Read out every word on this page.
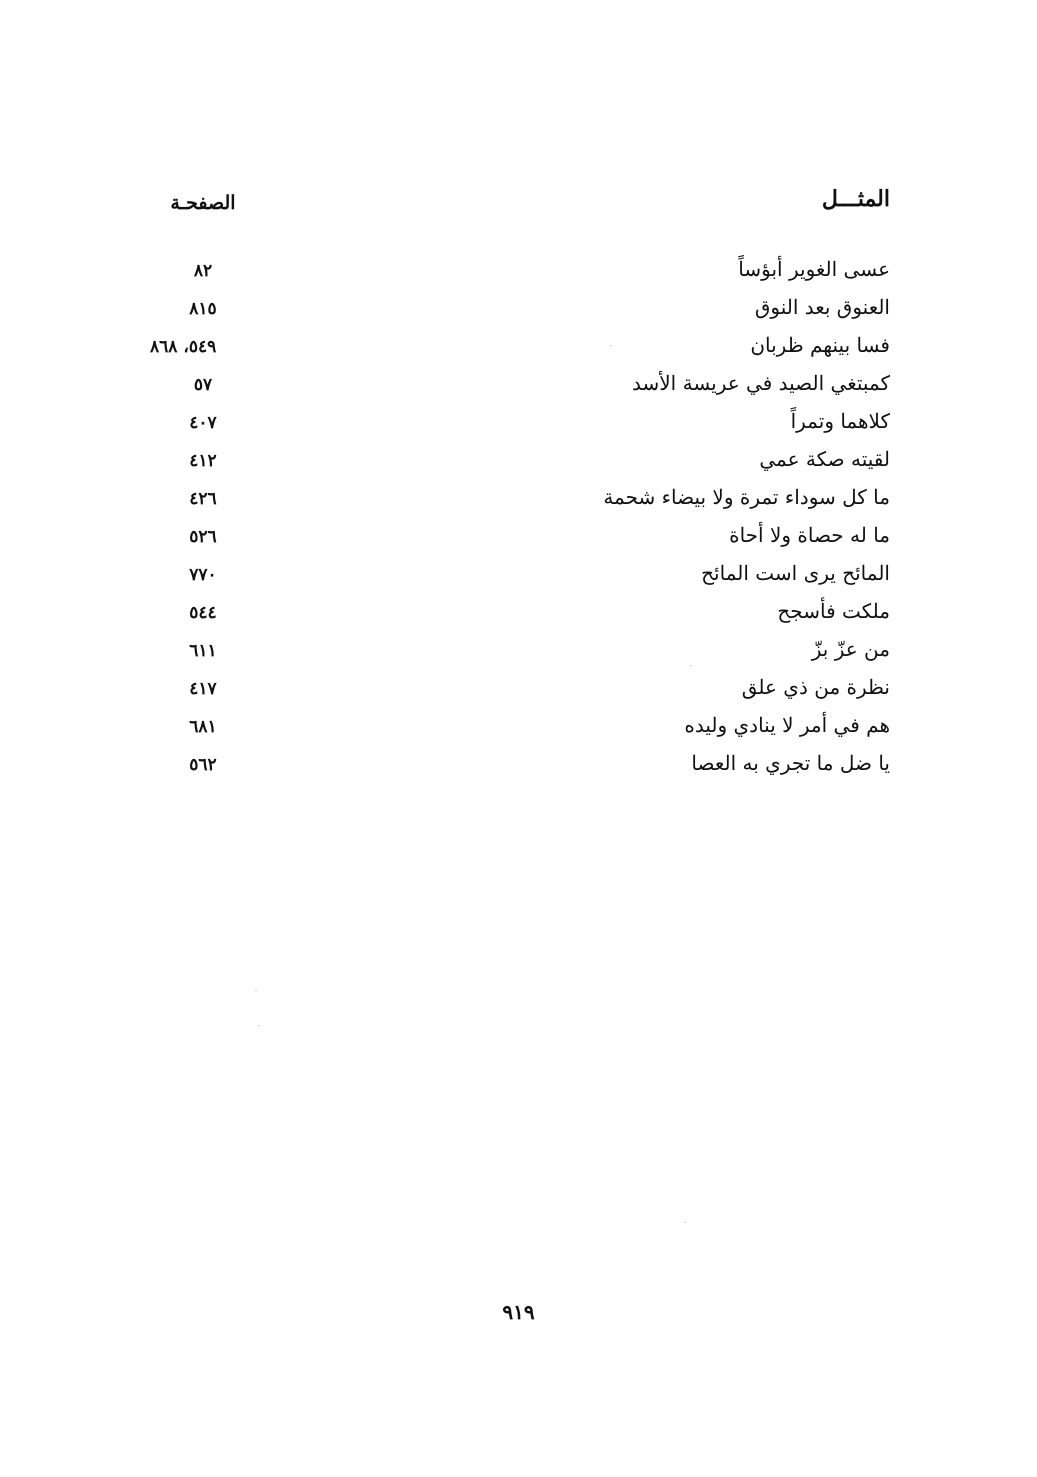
المثـــل
الصفحـة
عسى الغوير أبؤساً
٨٢
العنوق بعد النوق
٨١٥
فسا بينهم ظربان
٥٤٩، ٨٦٨
كمبتغي الصيد في عريسة الأسد
٥٧
كلاهما وتمراً
٤٠٧
لقيته صكة عمي
٤١٢
ما كل سوداء تمرة ولا بيضاء شحمة
٤٢٦
ما له حصاة ولا أحاة
٥٢٦
المائح يرى است المائح
٧٧٠
ملكت فأسجح
٥٤٤
من عزّ بزّ
٦١١
نظرة من ذي علق
٤١٧
هم في أمر لا ينادي وليده
٦٨١
يا ضل ما تجري به العصا
٥٦٢
٩١٩
